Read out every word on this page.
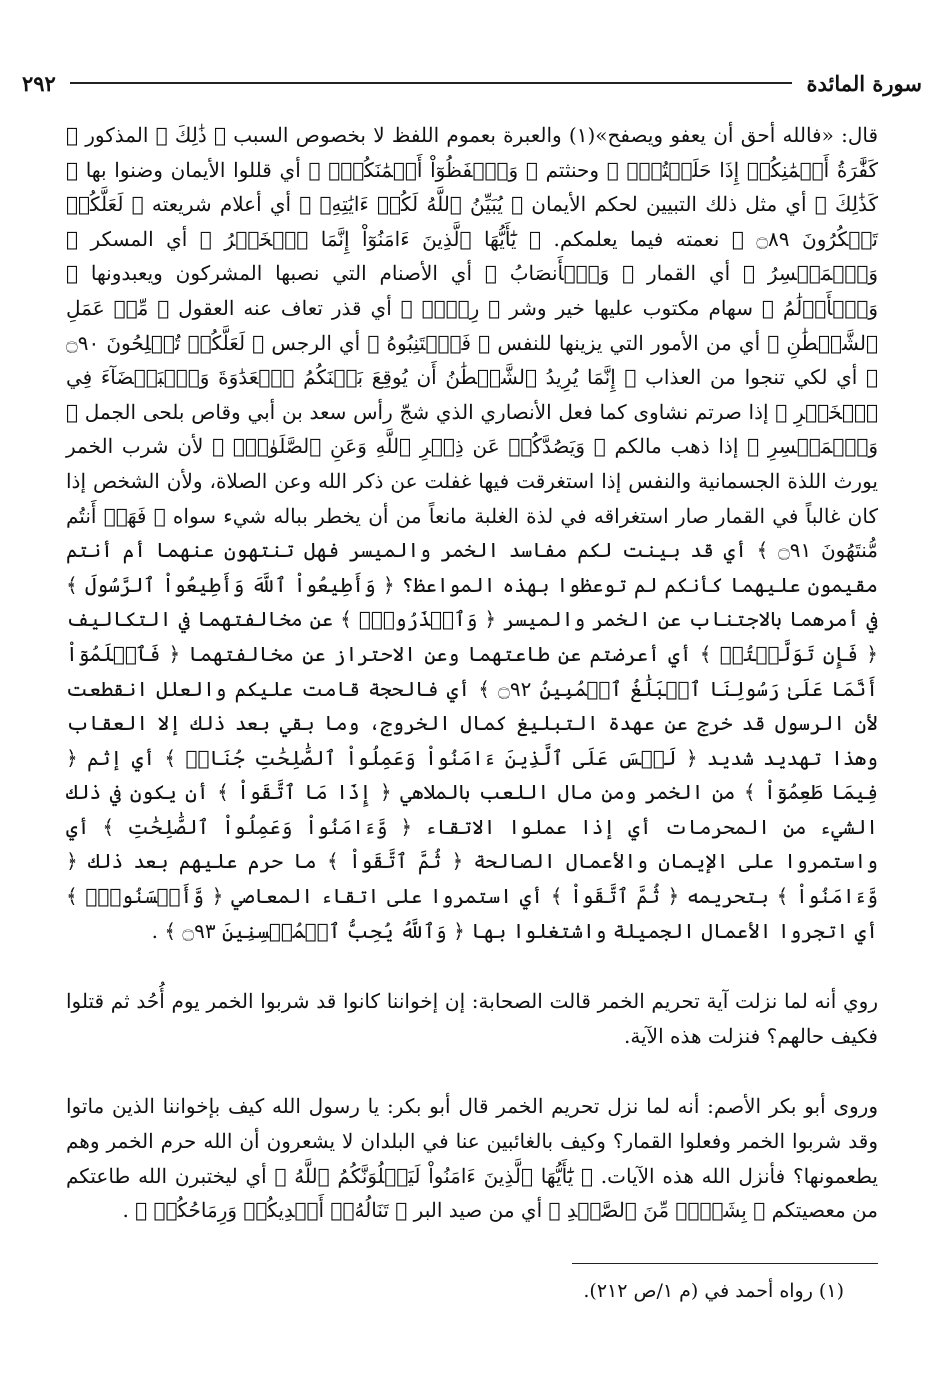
٢٩٢	سورة المائدة

قال: «فالله أحق أن يعفو ويصفح»(١) والعبرة بعموم اللفظ لا بخصوص السبب ﴿ ذَٰلِكَ ﴾ المذكور ﴿ كَفَّٰرَةُ أَيۡمَٰنِكُمۡ إِذَا حَلَفۡتُمۡۚ ﴾ وحنثتم ﴿ وَٱحۡفَظُوٓاْ أَيۡمَٰنَكُمۡۚ ﴾ أي قللوا الأيمان وضنوا بها ﴿ كَذَٰلِكَ ﴾ أي مثل ذلك التبيين لحكم الأيمان ﴿ يُبَيِّنُ ٱللَّهُ لَكُمۡ ءَايَٰتِهِۦ ﴾ أي أعلام شريعته ﴿ لَعَلَّكُمۡ تَشۡكُرُونَ ۝٨٩ ﴾ نعمته فيما يعلمكم. ﴿ يَٰٓأَيُّهَا ٱلَّذِينَ ءَامَنُوٓاْ إِنَّمَا ٱلۡخَمۡرُ ﴾ أي المسكر ﴿ وَٱلۡمَيۡسِرُ ﴾ أي القمار ﴿ وَٱلۡأَنصَابُ ﴾ أي الأصنام التي نصبها المشركون ويعبدونها ﴿ وَٱلۡأَزۡلَٰمُ ﴾ سهام مكتوب عليها خير وشر ﴿ رِجۡسٞ ﴾ أي قذر تعاف عنه العقول ﴿ مِّنۡ عَمَلِ ٱلشَّيۡطَٰنِ ﴾ أي من الأمور التي يزينها للنفس ﴿ فَٱجۡتَنِبُوهُ ﴾ أي الرجس ﴿ لَعَلَّكُمۡ تُفۡلِحُونَ ۝٩٠ ﴾ أي لكي تنجوا من العذاب ﴿ إِنَّمَا يُرِيدُ ٱلشَّيۡطَٰنُ أَن يُوقِعَ بَيۡنَكُمُ ٱلۡعَدَٰوَةَ وَٱلۡبَغۡضَآءَ فِي ٱلۡخَمۡرِ ﴾ إذا صرتم نشاوى كما فعل الأنصاري الذي شجّ رأس سعد بن أبي وقاص بلحى الجمل ﴿ وَٱلۡمَيۡسِرِ ﴾ إذا ذهب مالكم ﴿ وَيَصُدَّكُمۡ عَن ذِكۡرِ ٱللَّهِ وَعَنِ ٱلصَّلَوٰةِۖ ﴾ لأن شرب الخمر يورث اللذة الجسمانية والنفس إذا استغرقت فيها غفلت عن ذكر الله وعن الصلاة، ولأن الشخص إذا كان غالباً في القمار صار استغراقه في لذة الغلبة مانعاً من أن يخطر بباله شيء سواه ﴿ فَهَلۡ أَنتُم مُّنتَهُونَ ۝٩١ ﴾ أي قد بينت لكم مفاسد الخمر والميسر فهل تنتهون عنهما أم أنتم مقيمون عليهما كأنكم لم توعظوا بهذه المواعظ؟ ﴿ وَأَطِيعُواْ ٱللَّهَ وَأَطِيعُواْ ٱلرَّسُولَ ﴾ في أمرهما بالاجتناب عن الخمر والميسر ﴿ وَٱحۡذَرُواْۚ ﴾ عن مخالفتهما في التكاليف ﴿ فَإِن تَوَلَّيۡتُمۡ ﴾ أي أعرضتم عن طاعتهما وعن الاحتراز عن مخالفتهما ﴿ فَٱعۡلَمُوٓاْ أَنَّمَا عَلَىٰ رَسُولِنَا ٱلۡبَلَٰغُ ٱلۡمُبِينُ ۝٩٢ ﴾ أي فالحجة قامت عليكم والعلل انقطعت لأن الرسول قد خرج عن عهدة التبليغ كمال الخروج، وما بقي بعد ذلك إلا العقاب وهذا تهديد شديد ﴿ لَيۡسَ عَلَى ٱلَّذِينَ ءَامَنُواْ وَعَمِلُواْ ٱلصَّٰلِحَٰتِ جُنَاحٞ ﴾ أي إثم ﴿ فِيمَا طَعِمُوٓاْ ﴾ من الخمر ومن مال اللعب بالملاهي ﴿ إِذَا مَا ٱتَّقَواْ ﴾ أن يكون في ذلك الشيء من المحرمات أي إذا عملوا الاتقاء ﴿ وَّءَامَنُواْ وَعَمِلُواْ ٱلصَّٰلِحَٰتِ ﴾ أي واستمروا على الإيمان والأعمال الصالحة ﴿ ثُمَّ ٱتَّقَواْ ﴾ ما حرم عليهم بعد ذلك ﴿ وَّءَامَنُواْ ﴾ بتحريمه ﴿ ثُمَّ ٱتَّقَواْ ﴾ أي استمروا على اتقاء المعاصي ﴿ وَّأَحۡسَنُواْۚ ﴾ أي اتجروا الأعمال الجميلة واشتغلوا بها ﴿ وَٱللَّهُ يُحِبُّ ٱلۡمُحۡسِنِينَ ۝٩٣ ﴾ .

روي أنه لما نزلت آية تحريم الخمر قالت الصحابة: إن إخواننا كانوا قد شربوا الخمر يوم أُحُد ثم قتلوا فكيف حالهم؟ فنزلت هذه الآية.

وروى أبو بكر الأصم: أنه لما نزل تحريم الخمر قال أبو بكر: يا رسول الله كيف بإخواننا الذين ماتوا وقد شربوا الخمر وفعلوا القمار؟ وكيف بالغائبين عنا في البلدان لا يشعرون أن الله حرم الخمر وهم يطعمونها؟ فأنزل الله هذه الآيات. ﴿ يَٰٓأَيُّهَا ٱلَّذِينَ ءَامَنُواْ لَيَبۡلُوَنَّكُمُ ٱللَّهُ ﴾ أي ليختبرن الله طاعتكم من معصيتكم ﴿ بِشَيۡءٖ مِّنَ ٱلصَّيۡدِ ﴾ أي من صيد البر ﴿ تَنَالُهُۥٓ أَيۡدِيكُمۡ وَرِمَاحُكُمۡ ﴾ .

(١) رواه أحمد في (م ١/ص ٢١٢).
